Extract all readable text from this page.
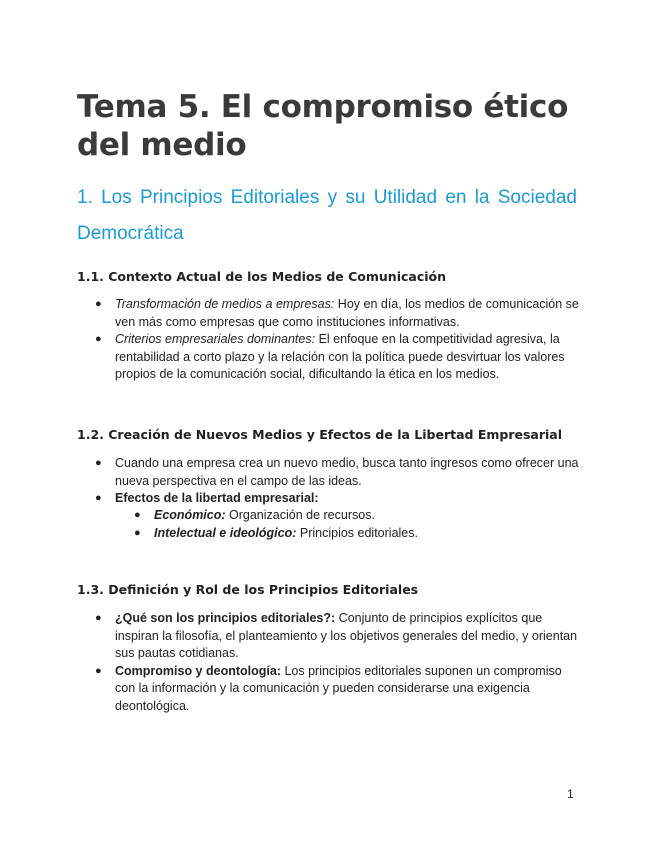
Tema 5. El compromiso ético del medio
1. Los Principios Editoriales y su Utilidad en la Sociedad Democrática
1.1. Contexto Actual de los Medios de Comunicación
● Transformación de medios a empresas: Hoy en día, los medios de comunicación se ven más como empresas que como instituciones informativas.
● Criterios empresariales dominantes: El enfoque en la competitividad agresiva, la rentabilidad a corto plazo y la relación con la política puede desvirtuar los valores propios de la comunicación social, dificultando la ética en los medios.
1.2. Creación de Nuevos Medios y Efectos de la Libertad Empresarial
● Cuando una empresa crea un nuevo medio, busca tanto ingresos como ofrecer una nueva perspectiva en el campo de las ideas.
● Efectos de la libertad empresarial:
● Económico: Organización de recursos.
● Intelectual e ideológico: Principios editoriales.
1.3. Definición y Rol de los Principios Editoriales
● ¿Qué son los principios editoriales?: Conjunto de principios explícitos que inspiran la filosofía, el planteamiento y los objetivos generales del medio, y orientan sus pautas cotidianas.
● Compromiso y deontología: Los principios editoriales suponen un compromiso con la información y la comunicación y pueden considerarse una exigencia deontológica.
1
